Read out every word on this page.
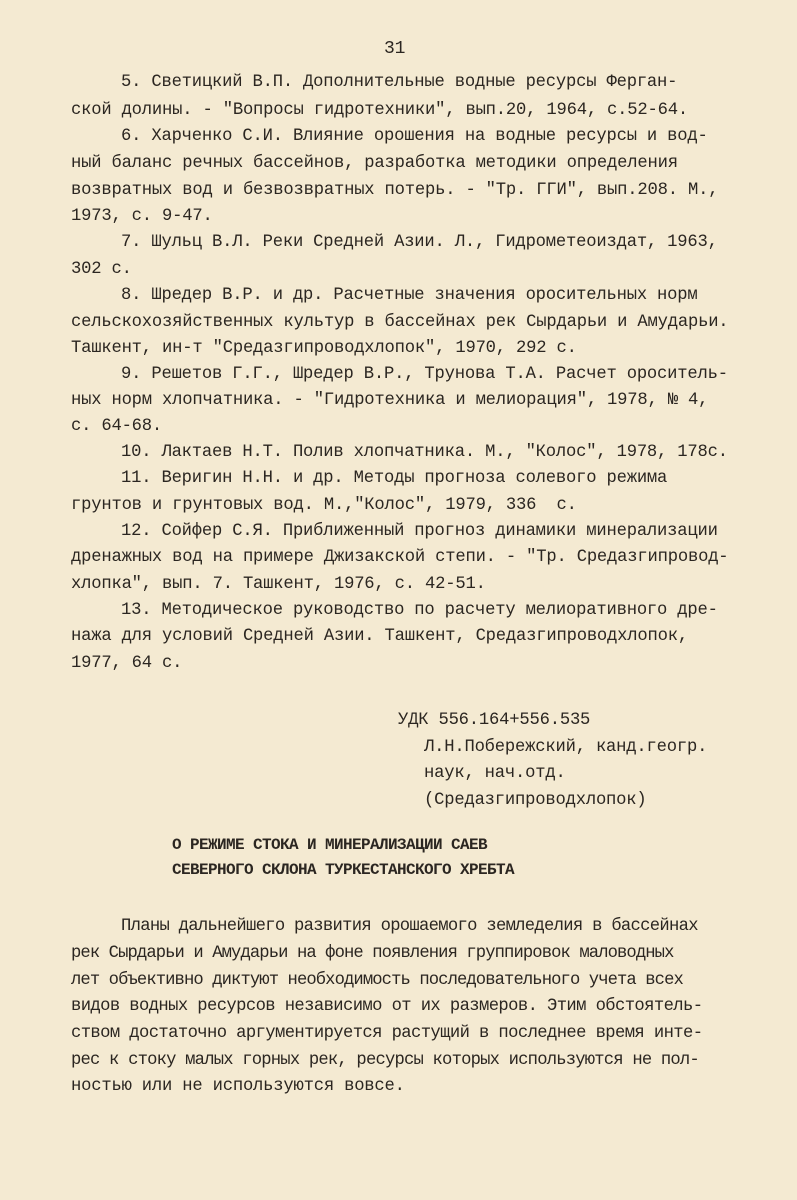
31
5. Светицкий В.П. Дополнительные водные ресурсы Ферган-
ской долины. - "Вопросы гидротехники", вып.20, 1964, с.52-64.
6. Харченко С.И. Влияние орошения на водные ресурсы и вод-
ный баланс речных бассейнов, разработка методики определения
возвратных вод и безвозвратных потерь. - "Тр. ГГИ", вып.208. М.,
1973, с. 9-47.
7. Шульц В.Л. Реки Средней Азии. Л., Гидрометеоиздат, 1963,
302 с.
8. Шредер В.Р. и др. Расчетные значения оросительных норм
сельскохозяйственных культур в бассейнах рек Сырдарьи и Амударьи.
Ташкент, ин-т "Средазгипроводхлопок", 1970, 292 с.
9. Решетов Г.Г., Шредер В.Р., Трунова Т.А. Расчет ороситель-
ных норм хлопчатника. - "Гидротехника и мелиорация", 1978, № 4,
с. 64-68.
10. Лактаев Н.Т. Полив хлопчатника. М., "Колос", 1978, 178с.
11. Веригин Н.Н. и др. Методы прогноза солевого режима
грунтов и грунтовых вод. М.,"Колос", 1979, 336  с.
12. Сойфер С.Я. Приближенный прогноз динамики минерализации
дренажных вод на примере Джизакской степи. - "Тр. Средазгипровод-
хлопка", вып. 7. Ташкент, 1976, с. 42-51.
13. Методическое руководство по расчету мелиоративного дре-
нажа для условий Средней Азии. Ташкент, Средазгипроводхлопок,
1977, 64 с.
УДК 556.164+556.535
Л.Н.Побережский, канд.геогр.
наук, нач.отд.
(Средазгипроводхлопок)
О РЕЖИМЕ СТОКА И МИНЕРАЛИЗАЦИИ САЕВ
СЕВЕРНОГО СКЛОНА ТУРКЕСТАНСКОГО ХРЕБТА
Планы дальнейшего развития орошаемого земледелия в бассейнах
рек Сырдарьи и Амударьи на фоне появления группировок маловодных
лет объективно диктуют необходимость последовательного учета всех
видов водных ресурсов независимо от их размеров. Этим обстоятель-
ством достаточно аргументируется растущий в последнее время инте-
рес к стоку малых горных рек, ресурсы которых используются не пол-
ностью или не используются вовсе.
